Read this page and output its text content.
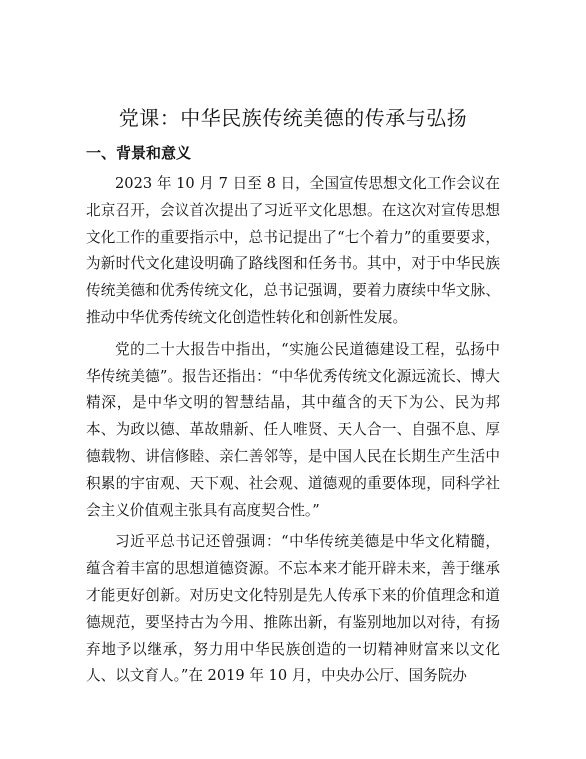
党课：中华民族传统美德的传承与弘扬
一、背景和意义

2023 年 10 月 7 日至 8 日，全国宣传思想文化工作会议在北京召开，会议首次提出了习近平文化思想。在这次对宣传思想文化工作的重要指示中，总书记提出了“七个着力”的重要要求，为新时代文化建设明确了路线图和任务书。其中，对于中华民族传统美德和优秀传统文化，总书记强调，要着力赓续中华文脉、推动中华优秀传统文化创造性转化和创新性发展。

党的二十大报告中指出，“实施公民道德建设工程，弘扬中华传统美德”。报告还指出：“中华优秀传统文化源远流长、博大精深，是中华文明的智慧结晶，其中蕴含的天下为公、民为邦本、为政以德、革故鼎新、任人唯贤、天人合一、自强不息、厚德载物、讲信修睦、亲仁善邻等，是中国人民在长期生产生活中积累的宇宙观、天下观、社会观、道德观的重要体现，同科学社会主义价值观主张具有高度契合性。”

习近平总书记还曾强调：“中华传统美德是中华文化精髓，蕴含着丰富的思想道德资源。不忘本来才能开辟未来，善于继承才能更好创新。对历史文化特别是先人传承下来的价值理念和道德规范，要坚持古为今用、推陈出新，有鉴别地加以对待，有扬弃地予以继承，努力用中华民族创造的一切精神财富来以文化人、以文育人。”在 2019 年 10 月，中央办公厅、国务院办
